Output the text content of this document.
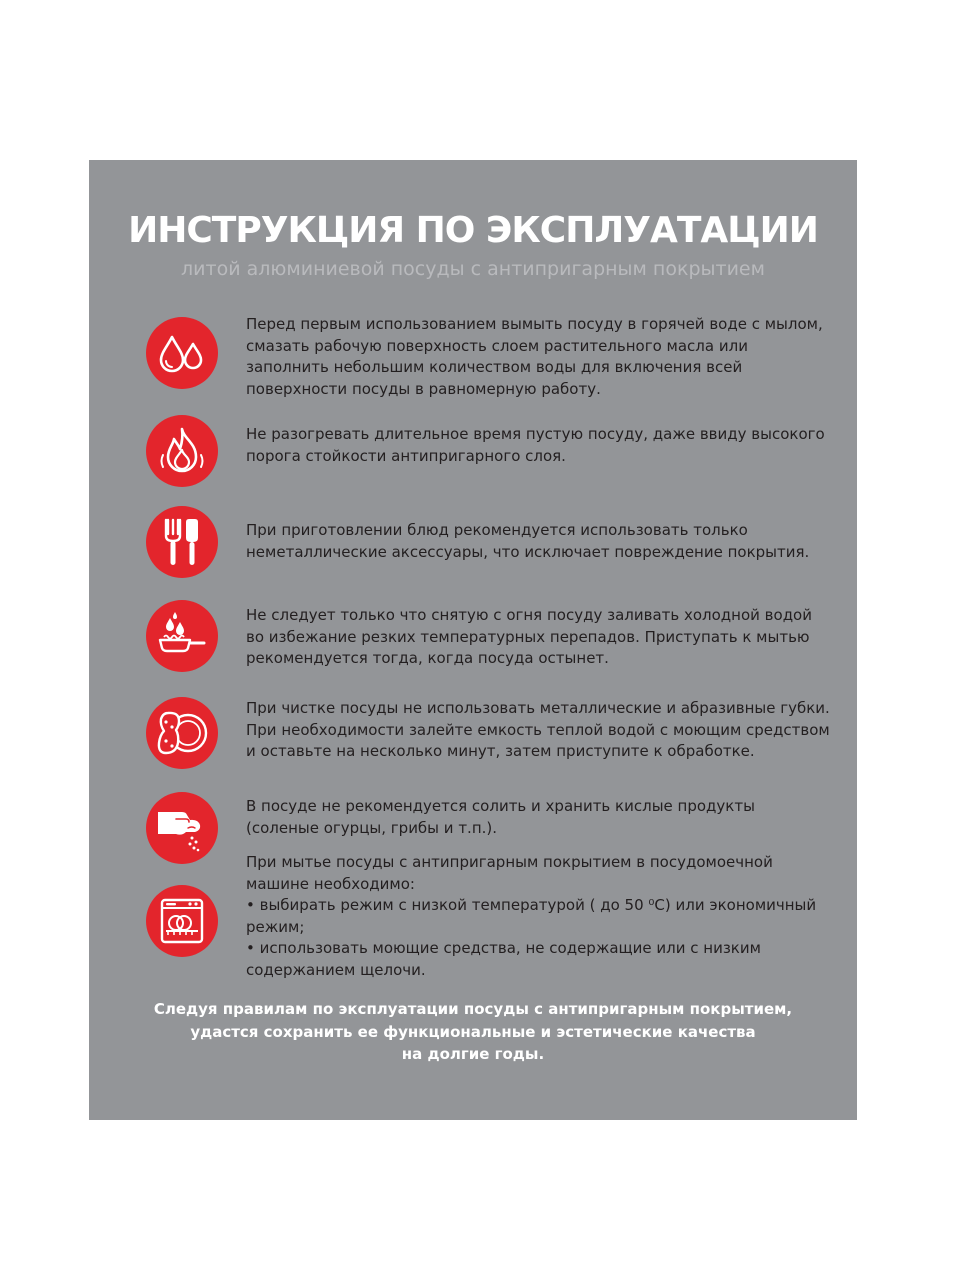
ИНСТРУКЦИЯ ПО ЭКСПЛУАТАЦИИ
литой алюминиевой посуды с антипригарным покрытием

Перед первым использованием вымыть посуду в горячей воде с мылом, смазать рабочую поверхность слоем растительного масла или заполнить небольшим количеством воды для включения всей поверхности посуды в равномерную работу.

Не разогревать длительное время пустую посуду, даже ввиду высокого порога стойкости антипригарного слоя.

При приготовлении блюд рекомендуется использовать только неметаллические аксессуары, что исключает повреждение покрытия.

Не следует только что снятую с огня посуду заливать холодной водой во избежание резких температурных перепадов. Приступать к мытью рекомендуется тогда, когда посуда остынет.

При чистке посуды не использовать металлические и абразивные губки. При необходимости залейте емкость теплой водой с моющим средством и оставьте на несколько минут, затем приступите к обработке.

В посуде не рекомендуется солить и хранить кислые продукты (соленые огурцы, грибы и т.п.).

При мытье посуды с антипригарным покрытием в посудомоечной машине необходимо:

• выбирать режим с низкой температурой ( до 50 ⁰С) или экономичный режим;

• использовать моющие средства, не содержащие или с низким содержанием щелочи.

Следуя правилам по эксплуатации посуды с антипригарным покрытием,
удастся сохранить ее функциональные и эстетические качества
на долгие годы.
